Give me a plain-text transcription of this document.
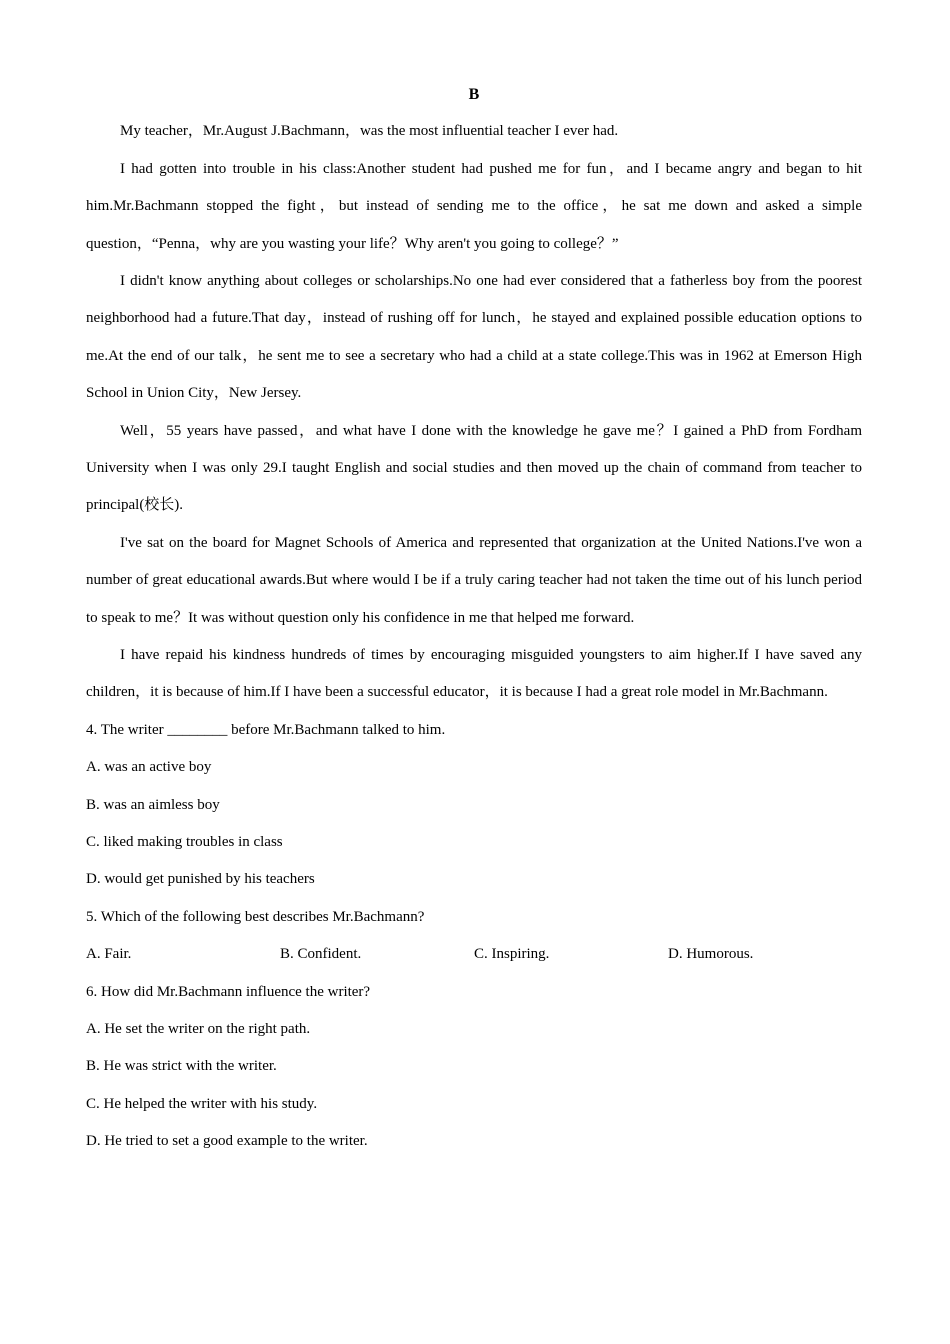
B

My teacher，Mr.August J.Bachmann，was the most influential teacher I ever had.

I had gotten into trouble in his class:Another student had pushed me for fun，and I became angry and began to hit him.Mr.Bachmann stopped the fight，but instead of sending me to the office，he sat me down and asked a simple question，“Penna，why are you wasting your life？Why aren't you going to college？”

I didn't know anything about colleges or scholarships.No one had ever considered that a fatherless boy from the poorest neighborhood had a future.That day，instead of rushing off for lunch，he stayed and explained possible education options to me.At the end of our talk，he sent me to see a secretary who had a child at a state college.This was in 1962 at Emerson High School in Union City，New Jersey.

Well，55 years have passed，and what have I done with the knowledge he gave me？I gained a PhD from Fordham University when I was only 29.I taught English and social studies and then moved up the chain of command from teacher to principal(校长).

I've sat on the board for Magnet Schools of America and represented that organization at the United Nations.I've won a number of great educational awards.But where would I be if a truly caring teacher had not taken the time out of his lunch period to speak to me？It was without question only his confidence in me that helped me forward.

I have repaid his kindness hundreds of times by encouraging misguided youngsters to aim higher.If I have saved any children，it is because of him.If I have been a successful educator，it is because I had a great role model in Mr.Bachmann.

4. The writer ________ before Mr.Bachmann talked to him.
A. was an active boy
B. was an aimless boy
C. liked making troubles in class
D. would get punished by his teachers
5. Which of the following best describes Mr.Bachmann?
A. Fair.	B. Confident.	C. Inspiring.	D. Humorous.
6. How did Mr.Bachmann influence the writer?
A. He set the writer on the right path.
B. He was strict with the writer.
C. He helped the writer with his study.
D. He tried to set a good example to the writer.
